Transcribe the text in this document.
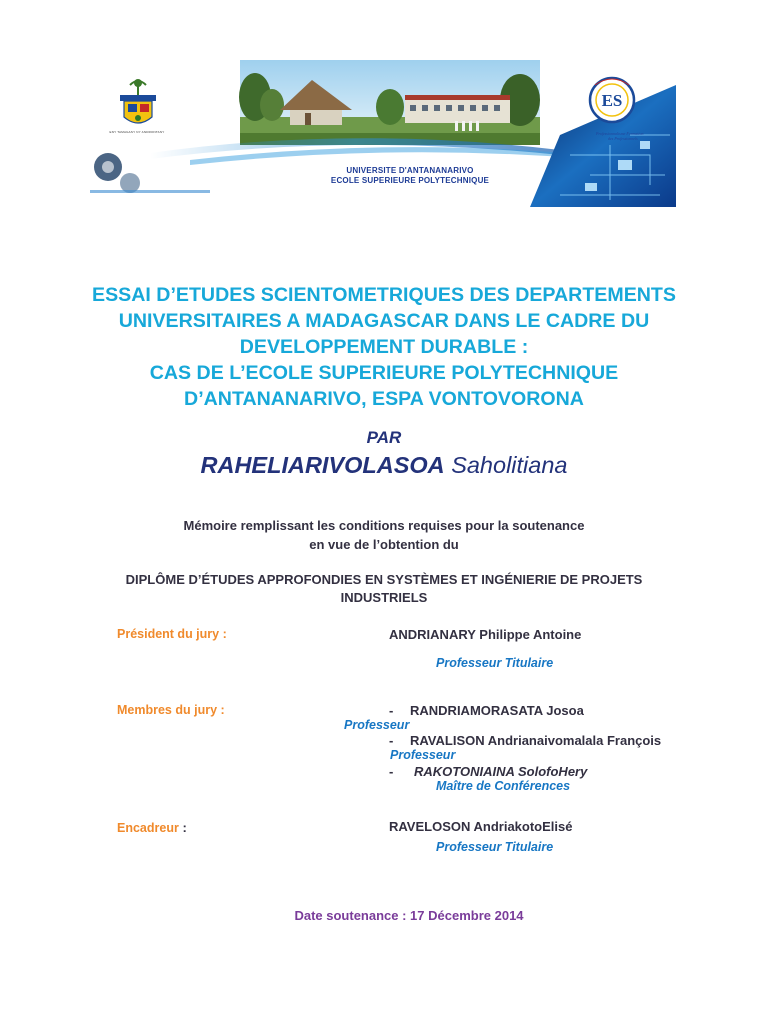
ES
ENY TAMAGASY NY ANDRONTANY	Professionnalisme Formation
des Professionnels
UNIVERSITE D'ANTANANARIVO
ECOLE SUPERIEURE POLYTECHNIQUE
ESSAI D’ETUDES SCIENTOMETRIQUES DES DEPARTEMENTS
UNIVERSITAIRES A MADAGASCAR DANS LE CADRE DU
DEVELOPPEMENT DURABLE :
CAS DE L’ECOLE SUPERIEURE POLYTECHNIQUE
D’ANTANANARIVO, ESPA VONTOVORONA
PAR
RAHELIARIVOLASOA Saholitiana
Mémoire remplissant les conditions requises pour la soutenance
en vue de l’obtention du
DIPLÔME D’ÉTUDES APPROFONDIES EN SYSTÈMES ET INGÉNIERIE DE PROJETS
INDUSTRIELS
Président du jury :	ANDRIANARY Philippe Antoine
Professeur Titulaire
Membres du jury :	- RANDRIAMORASATA Josoa
Professeur
- RAVALISON Andrianaivomalala François
Professeur
- RAKOTONIAINA SolofoHery
Maître de Conférences
Encadreur :	RAVELOSON AndriakotoElisé
Professeur Titulaire
Date soutenance : 17 Décembre 2014
